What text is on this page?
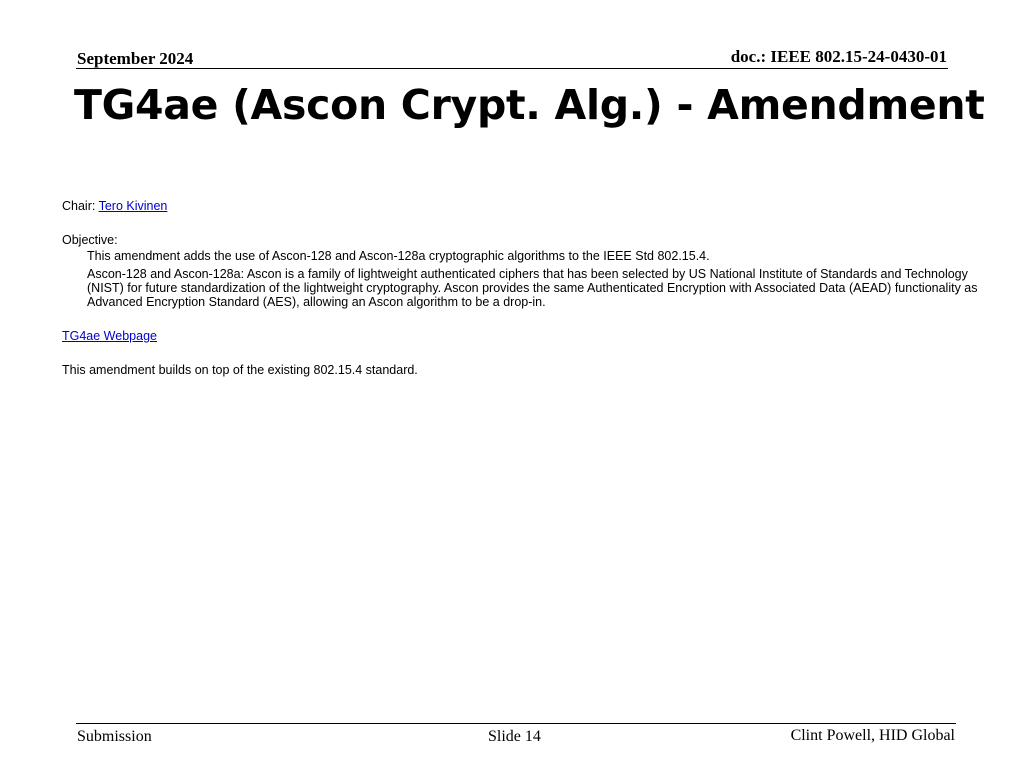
September 2024	doc.: IEEE 802.15-24-0430-01
TG4ae (Ascon Crypt. Alg.) - Amendment

Chair: Tero Kivinen

Objective:

This amendment adds the use of Ascon-128 and Ascon-128a cryptographic algorithms to the IEEE Std 802.15.4.

Ascon-128 and Ascon-128a: Ascon is a family of lightweight authenticated ciphers that has been selected by US National Institute of Standards and Technology (NIST) for future standardization of the lightweight cryptography. Ascon provides the same Authenticated Encryption with Associated Data (AEAD) functionality as Advanced Encryption Standard (AES), allowing an Ascon algorithm to be a drop-in.

TG4ae Webpage

This amendment builds on top of the existing 802.15.4 standard.

Submission	Slide 14	Clint Powell, HID Global
